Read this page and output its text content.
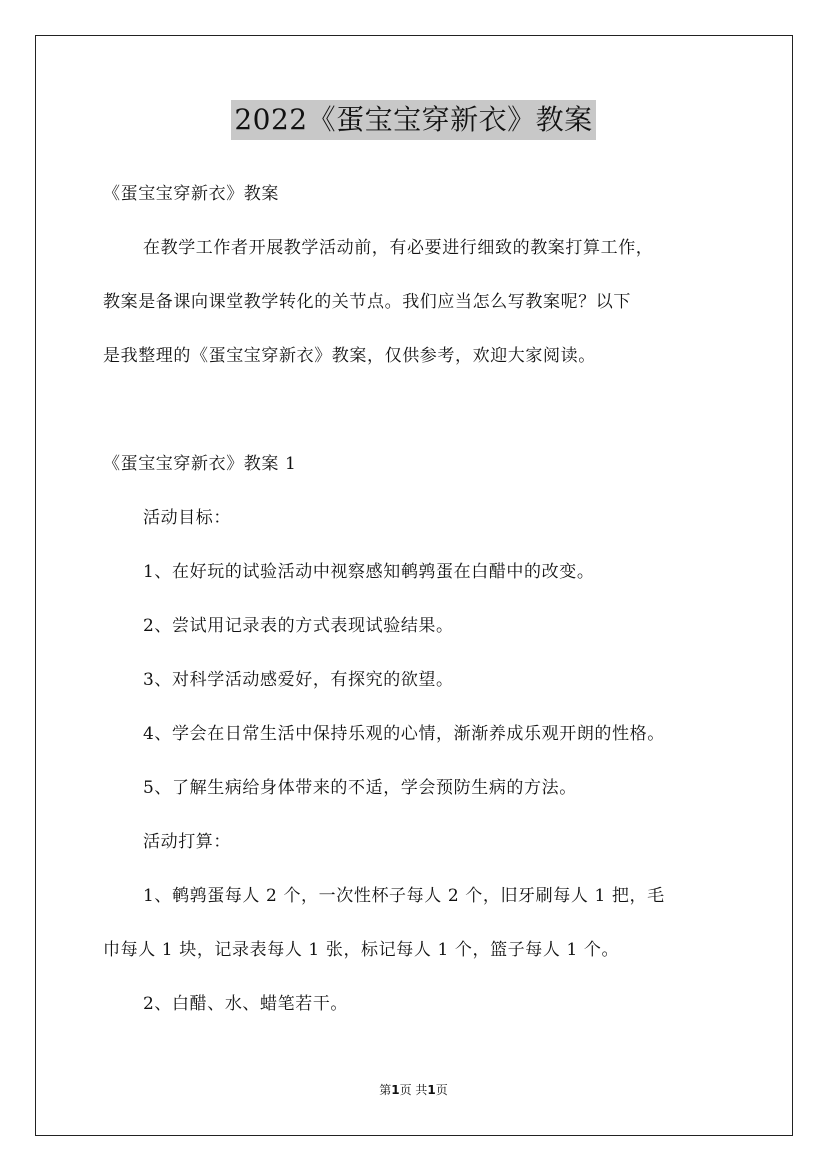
2022《蛋宝宝穿新衣》教案
《蛋宝宝穿新衣》教案
在教学工作者开展教学活动前，有必要进行细致的教案打算工作，
教案是备课向课堂教学转化的关节点。我们应当怎么写教案呢？以下
是我整理的《蛋宝宝穿新衣》教案，仅供参考，欢迎大家阅读。
《蛋宝宝穿新衣》教案 1
活动目标：
1、在好玩的试验活动中视察感知鹌鹑蛋在白醋中的改变。
2、尝试用记录表的方式表现试验结果。
3、对科学活动感爱好，有探究的欲望。
4、学会在日常生活中保持乐观的心情，渐渐养成乐观开朗的性格。
5、了解生病给身体带来的不适，学会预防生病的方法。
活动打算：
1、鹌鹑蛋每人 2 个，一次性杯子每人 2 个，旧牙刷每人 1 把，毛
巾每人 1 块，记录表每人 1 张，标记每人 1 个，篮子每人 1 个。
2、白醋、水、蜡笔若干。
第1页 共1页
